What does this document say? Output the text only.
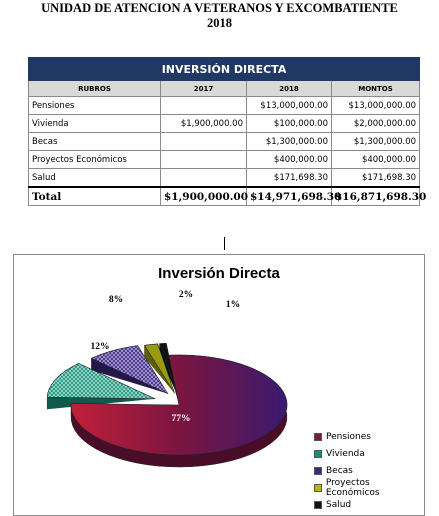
UNIDAD DE ATENCION A VETERANOS Y EXCOMBATIENTE
2018
INVERSIÓN DIRECTA			
RUBROS	2017	2018	MONTOS
Pensiones		$13,000,000.00	$13,000,000.00
Vivienda	$1,900,000.00	$100,000.00	$2,000,000.00
Becas		$1,300,000.00	$1,300,000.00
Proyectos Económicos		$400,000.00	$400,000.00
Salud		$171,698.30	$171,698.30
Total	$1,900,000.00	$14,971,698.30	$16,871,698.30
Inversión Directa
77%
12%
8%	2%
1%
Pensiones
Vivienda
Becas
Proyectos Económicos
Salud
